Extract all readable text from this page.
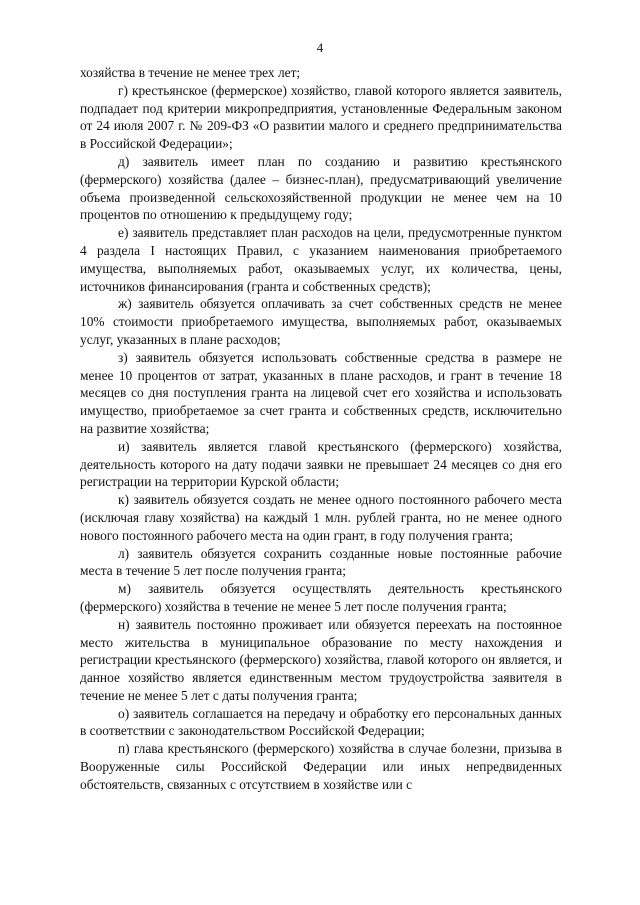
4

хозяйства в течение не менее трех лет;

г) крестьянское (фермерское) хозяйство, главой которого является заявитель, подпадает под критерии микропредприятия, установленные Федеральным законом от 24 июля 2007 г. № 209-ФЗ «О развитии малого и среднего предпринимательства в Российской Федерации»;

д) заявитель имеет план по созданию и развитию крестьянского (фермерского) хозяйства (далее – бизнес-план), предусматривающий увеличение объема произведенной сельскохозяйственной продукции не менее чем на 10 процентов по отношению к предыдущему году;

е) заявитель представляет план расходов на цели, предусмотренные пунктом 4 раздела I настоящих Правил, с указанием наименования приобретаемого имущества, выполняемых работ, оказываемых услуг, их количества, цены, источников финансирования (гранта и собственных средств);

ж) заявитель обязуется оплачивать за счет собственных средств не менее 10% стоимости приобретаемого имущества, выполняемых работ, оказываемых услуг, указанных в плане расходов;

з) заявитель обязуется использовать собственные средства в размере не менее 10 процентов от затрат, указанных в плане расходов, и грант в течение 18 месяцев со дня поступления гранта на лицевой счет его хозяйства и использовать имущество, приобретаемое за счет гранта и собственных средств, исключительно на развитие хозяйства;

и) заявитель является главой крестьянского (фермерского) хозяйства, деятельность которого на дату подачи заявки не превышает 24 месяцев со дня его регистрации на территории Курской области;

к) заявитель обязуется создать не менее одного постоянного рабочего места (исключая главу хозяйства) на каждый 1 млн. рублей гранта, но не менее одного нового постоянного рабочего места на один грант, в году получения гранта;

л) заявитель обязуется сохранить созданные новые постоянные рабочие места в течение 5 лет после получения гранта;

м) заявитель обязуется осуществлять деятельность крестьянского (фермерского) хозяйства в течение не менее 5 лет после получения гранта;

н) заявитель постоянно проживает или обязуется переехать на постоянное место жительства в муниципальное образование по месту нахождения и регистрации крестьянского (фермерского) хозяйства, главой которого он является, и данное хозяйство является единственным местом трудоустройства заявителя в течение не менее 5 лет с даты получения гранта;

о) заявитель соглашается на передачу и обработку его персональных данных в соответствии с законодательством Российской Федерации;

п) глава крестьянского (фермерского) хозяйства в случае болезни, призыва в Вооруженные силы Российской Федерации или иных непредвиденных обстоятельств, связанных с отсутствием в хозяйстве или с
